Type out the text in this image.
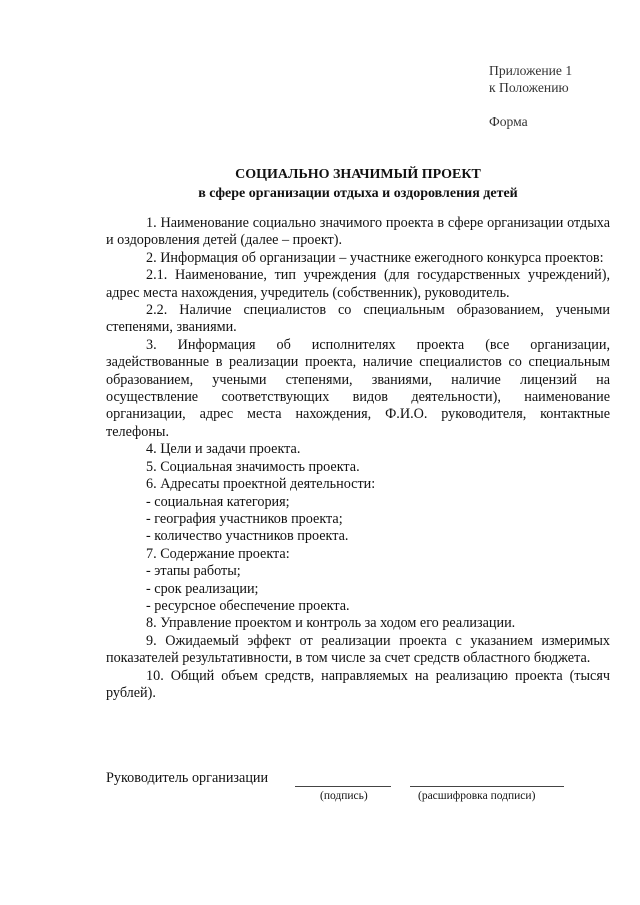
Приложение 1
к Положению
Форма
СОЦИАЛЬНО ЗНАЧИМЫЙ ПРОЕКТ
в сфере организации отдыха и оздоровления детей
1. Наименование социально значимого проекта в сфере организации отдыха и оздоровления детей (далее – проект).
2. Информация об организации – участнике ежегодного конкурса проектов:
2.1. Наименование, тип учреждения (для государственных учреждений), адрес места нахождения, учредитель (собственник), руководитель.
2.2. Наличие специалистов со специальным образованием, учеными степенями, званиями.
3. Информация об исполнителях проекта (все организации, задействованные в реализации проекта, наличие специалистов со специальным образованием, учеными степенями, званиями, наличие лицензий на осуществление соответствующих видов деятельности), наименование организации, адрес места нахождения, Ф.И.О. руководителя, контактные телефоны.
4. Цели и задачи проекта.
5. Социальная значимость проекта.
6. Адресаты проектной деятельности:
- социальная категория;
- география участников проекта;
- количество участников проекта.
7. Содержание проекта:
- этапы работы;
- срок реализации;
- ресурсное обеспечение проекта.
8. Управление проектом и контроль за ходом его реализации.
9. Ожидаемый эффект от реализации проекта с указанием измеримых показателей результативности, в том числе за счет средств областного бюджета.
10. Общий объем средств, направляемых на реализацию проекта (тысяч рублей).
Руководитель организации
(подпись)	(расшифровка подписи)
